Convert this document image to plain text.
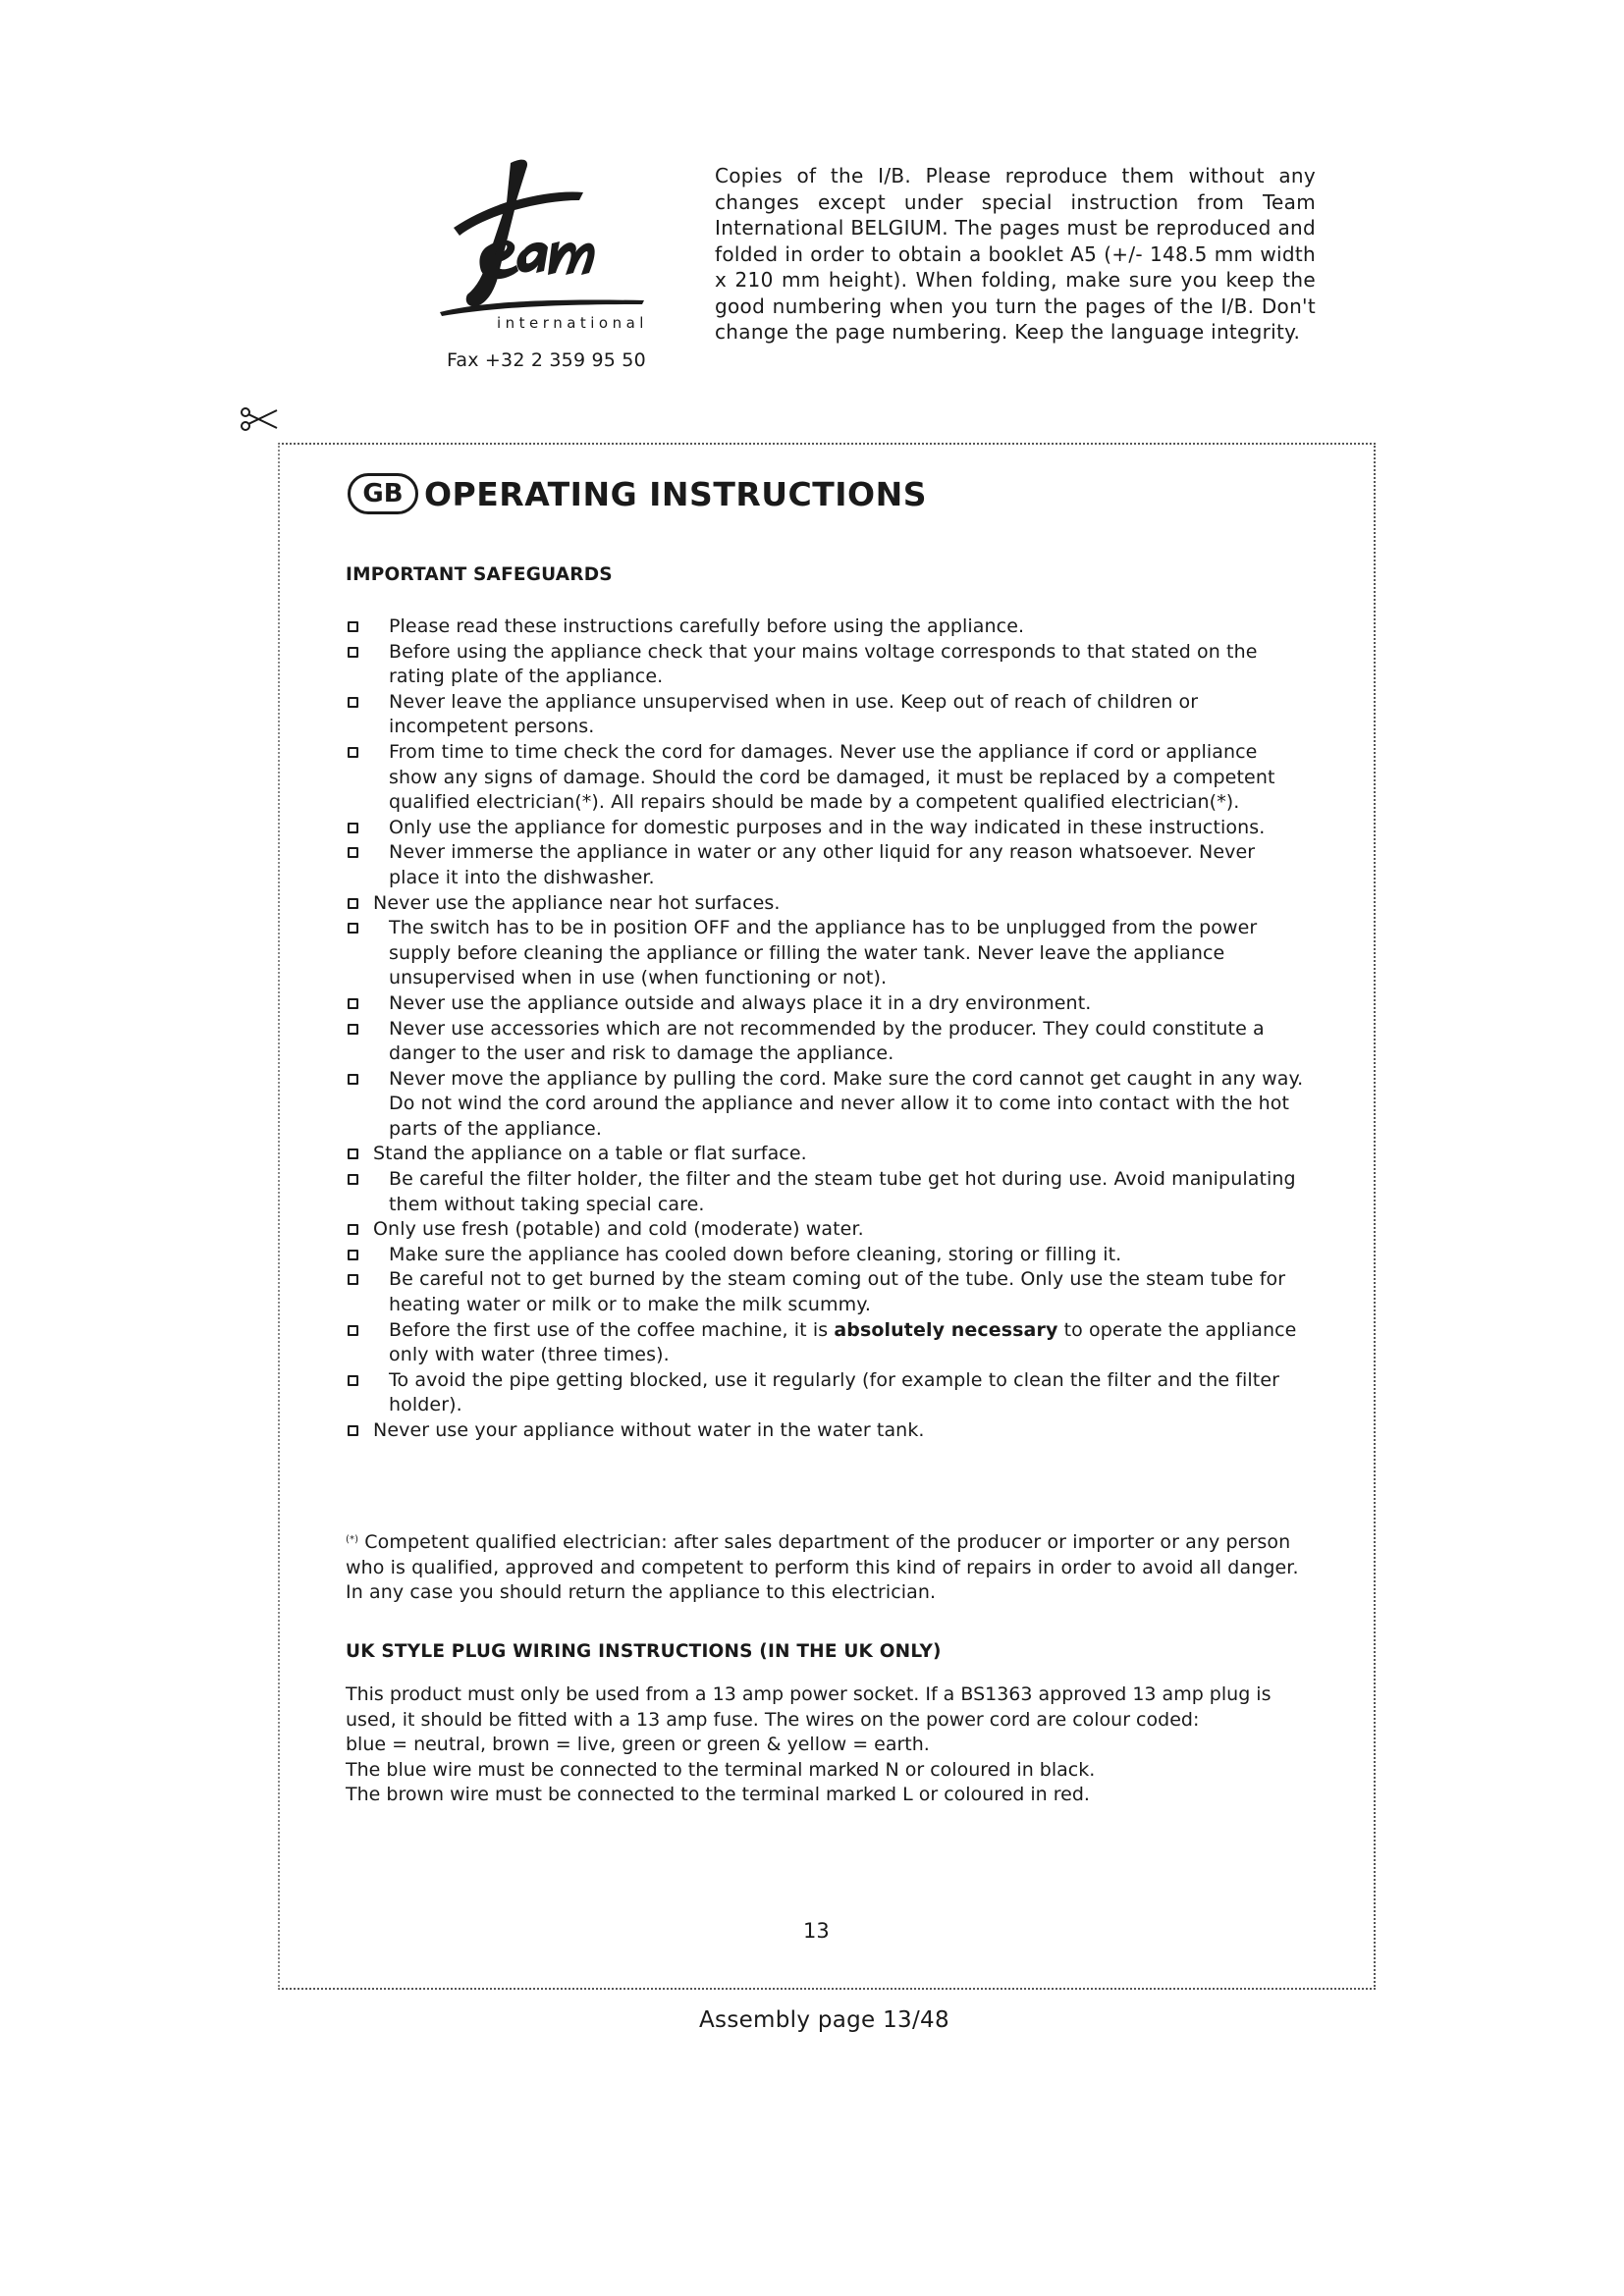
international
Fax +32 2 359 95 50
Copies of the I/B. Please reproduce them without any changes except under special instruction from Team International BELGIUM. The pages must be reproduced and folded in order to obtain a booklet A5 (+/- 148.5 mm width x 210 mm height). When folding, make sure you keep the good numbering when you turn the pages of the I/B. Don't change the page numbering. Keep the language integrity.
GB OPERATING INSTRUCTIONS
IMPORTANT SAFEGUARDS
Please read these instructions carefully before using the appliance.
Before using the appliance check that your mains voltage corresponds to that stated on the rating plate of the appliance.
Never leave the appliance unsupervised when in use. Keep out of reach of children or incompetent persons.
From time to time check the cord for damages. Never use the appliance if cord or appliance show any signs of damage. Should the cord be damaged, it must be replaced by a competent qualified electrician(*). All repairs should be made by a competent qualified electrician(*).
Only use the appliance for domestic purposes and in the way indicated in these instructions.
Never immerse the appliance in water or any other liquid for any reason whatsoever. Never place it into the dishwasher.
Never use the appliance near hot surfaces.
The switch has to be in position OFF and the appliance has to be unplugged from the power supply before cleaning the appliance or filling the water tank. Never leave the appliance unsupervised when in use (when functioning or not).
Never use the appliance outside and always place it in a dry environment.
Never use accessories which are not recommended by the producer. They could constitute a danger to the user and risk to damage the appliance.
Never move the appliance by pulling the cord. Make sure the cord cannot get caught in any way. Do not wind the cord around the appliance and never allow it to come into contact with the hot parts of the appliance.
Stand the appliance on a table or flat surface.
Be careful the filter holder, the filter and the steam tube get hot during use. Avoid manipulating them without taking special care.
Only use fresh (potable) and cold (moderate) water.
Make sure the appliance has cooled down before cleaning, storing or filling it.
Be careful not to get burned by the steam coming out of the tube. Only use the steam tube for heating water or milk or to make the milk scummy.
Before the first use of the coffee machine, it is absolutely necessary to operate the appliance only with water (three times).
To avoid the pipe getting blocked, use it regularly (for example to clean the filter and the filter holder).
Never use your appliance without water in the water tank.
(*) Competent qualified electrician: after sales department of the producer or importer or any person who is qualified, approved and competent to perform this kind of repairs in order to avoid all danger. In any case you should return the appliance to this electrician.
UK STYLE PLUG WIRING INSTRUCTIONS (IN THE UK ONLY)

This product must only be used from a 13 amp power socket. If a BS1363 approved 13 amp plug is used, it should be fitted with a 13 amp fuse. The wires on the power cord are colour coded:

blue = neutral, brown = live, green or green & yellow = earth.

The blue wire must be connected to the terminal marked N or coloured in black.

The brown wire must be connected to the terminal marked L or coloured in red.

13
Assembly page 13/48
